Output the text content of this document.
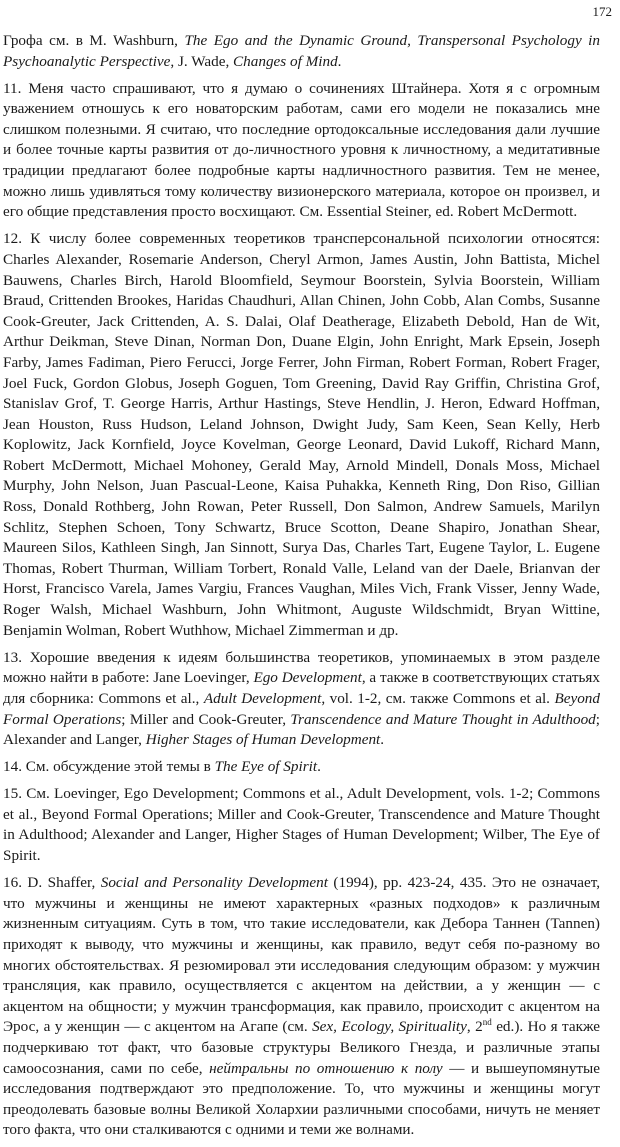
172

Грофа см. в M. Washburn, The Ego and the Dynamic Ground, Transpersonal Psychology in Psychoanalytic Perspective, J. Wade, Changes of Mind.

11. Меня часто спрашивают, что я думаю о сочинениях Штайнера. Хотя я с огромным уважением отношусь к его новаторским работам, сами его модели не показались мне слишком полезными. Я считаю, что последние ортодоксальные исследования дали лучшие и более точные карты развития от до-личностного уровня к личностному, а медитативные традиции предлагают более подробные карты надличностного развития. Тем не менее, можно лишь удивляться тому количеству визионерского материала, которое он произвел, и его общие представления просто восхищают. См. Essential Steiner, ed. Robert McDermott.

12. К числу более современных теоретиков трансперсональной психологии относятся: Charles Alexander, Rosemarie Anderson, Cheryl Armon, James Austin, John Battista, Michel Bauwens, Charles Birch, Harold Bloomfield, Seymour Boorstein, Sylvia Boorstein, William Braud, Crittenden Brookes, Haridas Chaudhuri, Allan Chinen, John Cobb, Alan Combs, Susanne Cook-Greuter, Jack Crittenden, A. S. Dalai, Olaf Deatherage, Elizabeth Debold, Han de Wit, Arthur Deikman, Steve Dinan, Norman Don, Duane Elgin, John Enright, Mark Epsein, Joseph Farby, James Fadiman, Piero Ferucci, Jorge Ferrer, John Firman, Robert Forman, Robert Frager, Joel Fuck, Gordon Globus, Joseph Goguen, Tom Greening, David Ray Griffin, Christina Grof, Stanislav Grof, T. George Harris, Arthur Hastings, Steve Hendlin, J. Heron, Edward Hoffman, Jean Houston, Russ Hudson, Leland Johnson, Dwight Judy, Sam Keen, Sean Kelly, Herb Koplowitz, Jack Kornfield, Joyce Kovelman, George Leonard, David Lukoff, Richard Mann, Robert McDermott, Michael Mohoney, Gerald May, Arnold Mindell, Donals Moss, Michael Murphy, John Nelson, Juan Pascual-Leone, Kaisa Puhakka, Kenneth Ring, Don Riso, Gillian Ross, Donald Rothberg, John Rowan, Peter Russell, Don Salmon, Andrew Samuels, Marilyn Schlitz, Stephen Schoen, Tony Schwartz, Bruce Scotton, Deane Shapiro, Jonathan Shear, Maureen Silos, Kathleen Singh, Jan Sinnott, Surya Das, Charles Tart, Eugene Taylor, L. Eugene Thomas, Robert Thurman, William Torbert, Ronald Valle, Leland van der Daele, Brianvan der Horst, Francisco Varela, James Vargiu, Frances Vaughan, Miles Vich, Frank Visser, Jenny Wade, Roger Walsh, Michael Washburn, John Whitmont, Auguste Wildschmidt, Bryan Wittine, Benjamin Wolman, Robert Wuthhow, Michael Zimmerman и др.

13. Хорошие введения к идеям большинства теоретиков, упоминаемых в этом разделе можно найти в работе: Jane Loevinger, Ego Development, а также в соответствующих статьях для сборника: Commons et al., Adult Development, vol. 1-2, см. также Commons et al. Beyond Formal Operations; Miller and Cook-Greuter, Transcendence and Mature Thought in Adulthood; Alexander and Langer, Higher Stages of Human Development.

14. См. обсуждение этой темы в The Eye of Spirit.

15. См. Loevinger, Ego Development; Commons et al., Adult Development, vols. 1-2; Commons et al., Beyond Formal Operations; Miller and Cook-Greuter, Transcendence and Mature Thought in Adulthood; Alexander and Langer, Higher Stages of Human Development; Wilber, The Eye of Spirit.

16. D. Shaffer, Social and Personality Development (1994), pp. 423-24, 435. Это не означает, что мужчины и женщины не имеют характерных «разных подходов» к различным жизненным ситуациям. Суть в том, что такие исследователи, как Дебора Таннен (Tannen) приходят к выводу, что мужчины и женщины, как правило, ведут себя по-разному во многих обстоятельствах. Я резюмировал эти исследования следующим образом: у мужчин трансляция, как правило, осуществляется с акцентом на действии, а у женщин — с акцентом на общности; у мужчин трансформация, как правило, происходит с акцентом на Эрос, а у женщин — с акцентом на Агапе (см. Sex, Ecology, Spirituality, 2nd ed.). Но я также подчеркиваю тот факт, что базовые структуры Великого Гнезда, и различные этапы самоосознания, сами по себе, нейтральны по отношению к полу — и вышеупомянутые исследования подтверждают это предположение. То, что мужчины и женщины могут преодолевать базовые волны Великой Холархии различными способами, ничуть не меняет того факта, что они сталкиваются с одними и теми же волнами.
